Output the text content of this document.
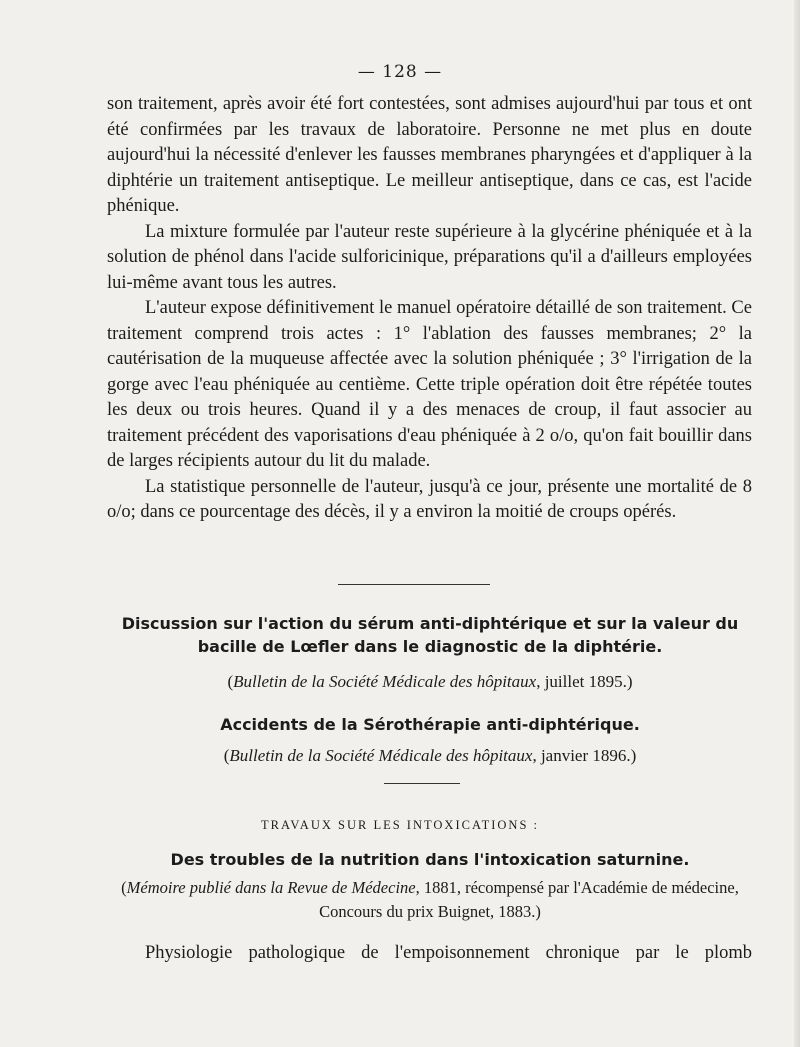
— 128 —

son traitement, après avoir été fort contestées, sont admises aujourd'hui par tous et ont été confirmées par les travaux de laboratoire. Personne ne met plus en doute aujourd'hui la nécessité d'enlever les fausses membranes pharyngées et d'appliquer à la diphtérie un traitement antiseptique. Le meilleur antiseptique, dans ce cas, est l'acide phénique.

La mixture formulée par l'auteur reste supérieure à la glycérine phéniquée et à la solution de phénol dans l'acide sulforicinique, préparations qu'il a d'ailleurs employées lui-même avant tous les autres.

L'auteur expose définitivement le manuel opératoire détaillé de son traitement. Ce traitement comprend trois actes : 1° l'ablation des fausses membranes; 2° la cautérisation de la muqueuse affectée avec la solution phéniquée ; 3° l'irrigation de la gorge avec l'eau phéniquée au centième. Cette triple opération doit être répétée toutes les deux ou trois heures. Quand il y a des menaces de croup, il faut associer au traitement précédent des vaporisations d'eau phéniquée à 2 o/o, qu'on fait bouillir dans de larges récipients autour du lit du malade.

La statistique personnelle de l'auteur, jusqu'à ce jour, présente une mortalité de 8 o/o; dans ce pourcentage des décès, il y a environ la moitié de croups opérés.

Discussion sur l'action du sérum anti-diphtérique et sur la valeur du bacille de Lœfler dans le diagnostic de la diphtérie.
(Bulletin de la Société Médicale des hôpitaux, juillet 1895.)
Accidents de la Sérothérapie anti-diphtérique.
(Bulletin de la Société Médicale des hôpitaux, janvier 1896.)
TRAVAUX SUR LES INTOXICATIONS :
Des troubles de la nutrition dans l'intoxication saturnine.
(Mémoire publié dans la Revue de Médecine, 1881, récompensé par l'Académie de médecine,
Concours du prix Buignet, 1883.)
Physiologie pathologique de l'empoisonnement chronique par le plomb
